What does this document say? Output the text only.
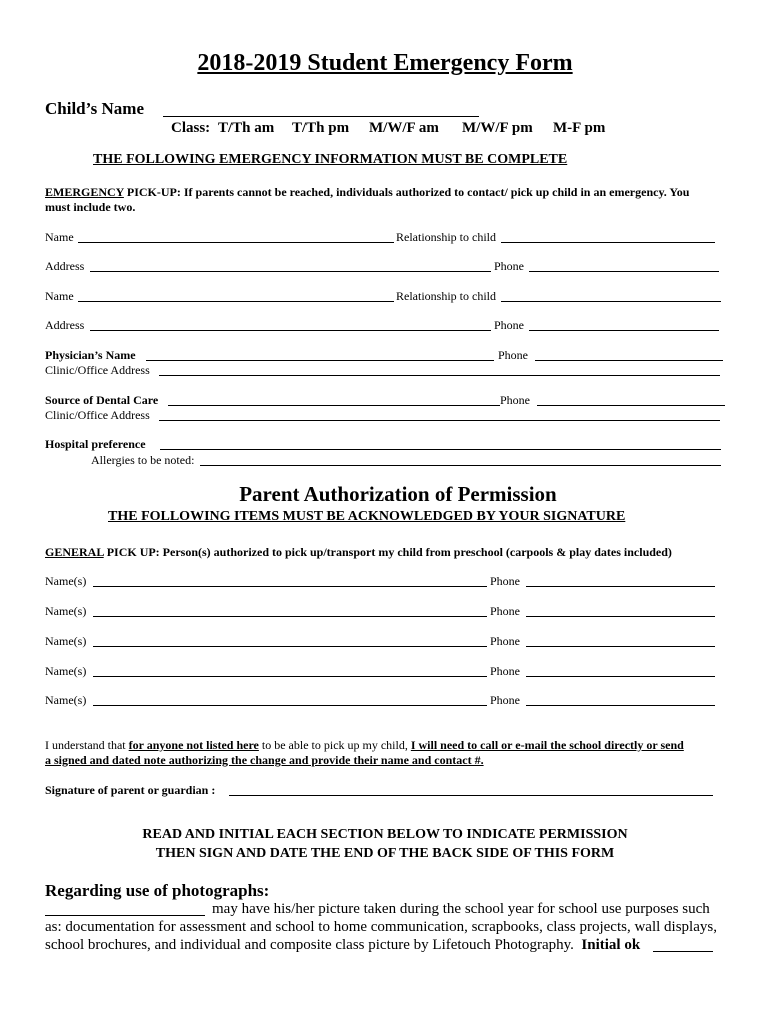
2018-2019 Student Emergency Form
Child’s Name
Class: T/Th am T/Th pm M/W/F am M/W/F pm M-F pm
THE FOLLOWING EMERGENCY INFORMATION MUST BE COMPLETE
EMERGENCY PICK-UP: If parents cannot be reached, individuals authorized to contact/ pick up child in an emergency. You
must include two.
Name	Relationship to child
Address	Phone
Name	Relationship to child
Address	Phone
Physician’s Name	Phone
Clinic/Office Address
Source of Dental Care	Phone
Clinic/Office Address
Hospital preference
Allergies to be noted:
Parent Authorization of Permission
THE FOLLOWING ITEMS MUST BE ACKNOWLEDGED BY YOUR SIGNATURE
GENERAL PICK UP: Person(s) authorized to pick up/transport my child from preschool (carpools & play dates included)
Name(s)	Phone
Name(s)	Phone
Name(s)	Phone
Name(s)	Phone
Name(s)	Phone
I understand that for anyone not listed here to be able to pick up my child, I will need to call or e-mail the school directly or send
a signed and dated note authorizing the change and provide their name and contact #.
Signature of parent or guardian :
READ AND INITIAL EACH SECTION BELOW TO INDICATE PERMISSION
THEN SIGN AND DATE THE END OF THE BACK SIDE OF THIS FORM
Regarding use of photographs:
may have his/her picture taken during the school year for school use purposes such
as: documentation for assessment and school to home communication, scrapbooks, class projects, wall displays,
school brochures, and individual and composite class picture by Lifetouch Photography. Initial ok
